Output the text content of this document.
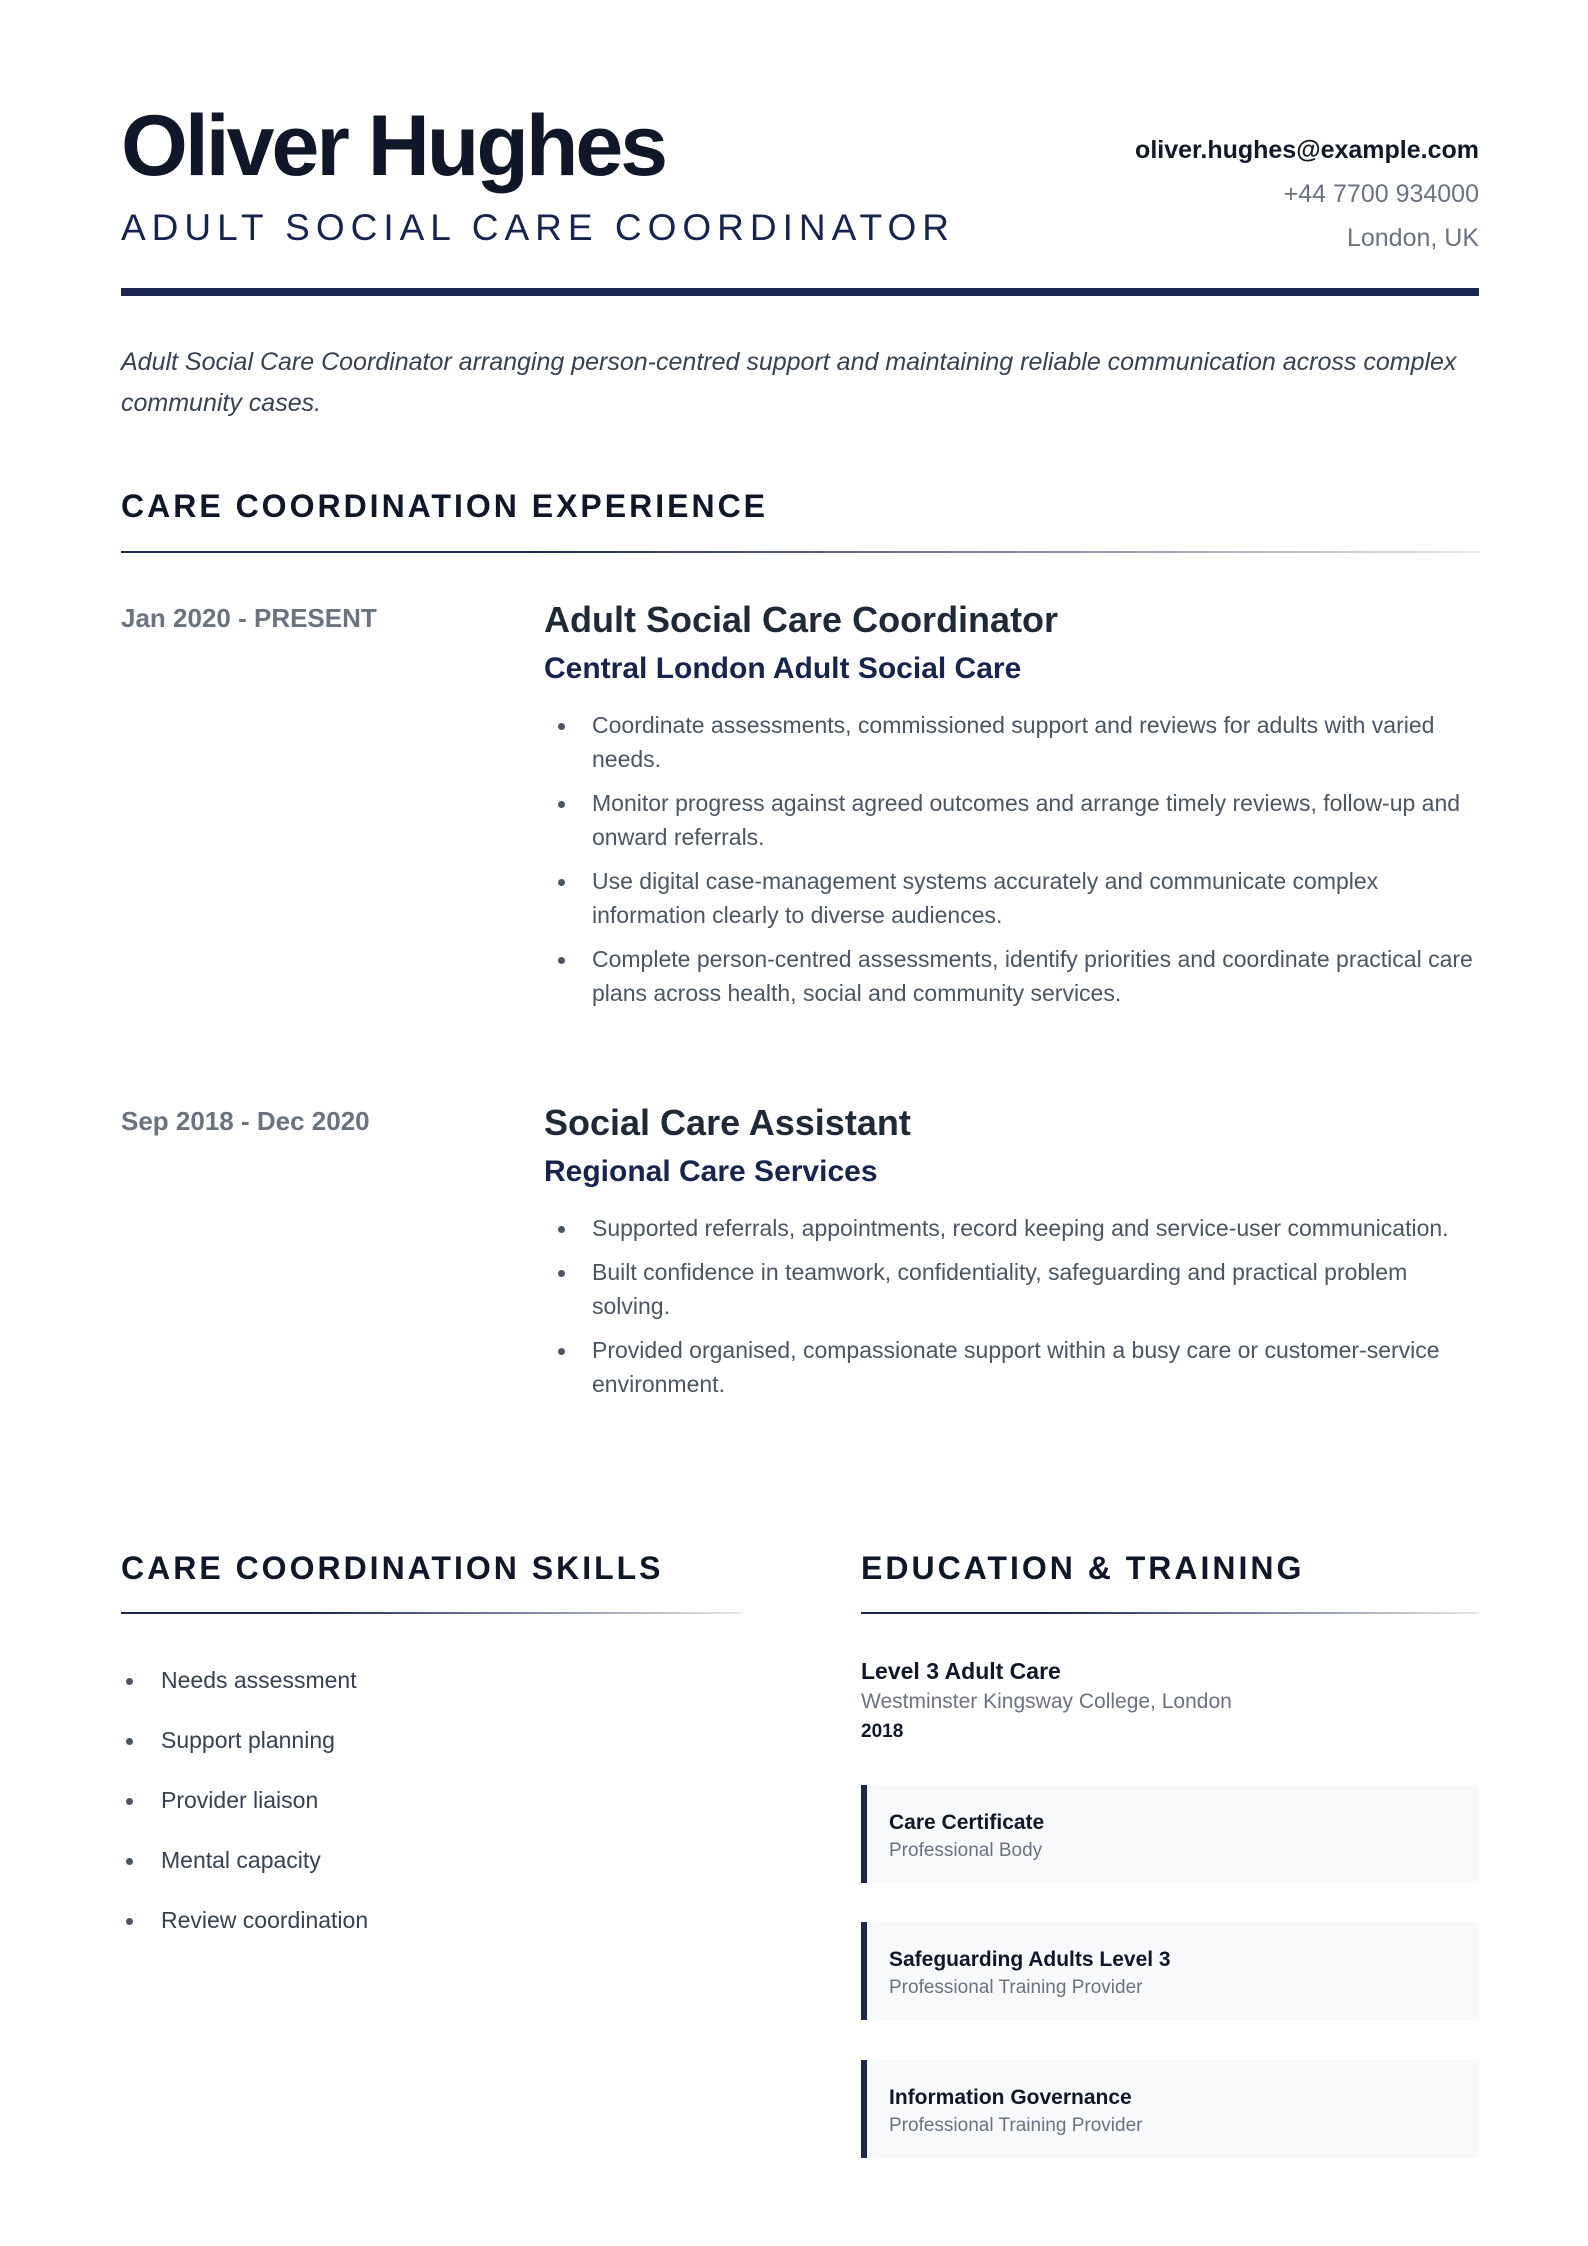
Oliver Hughes
ADULT SOCIAL CARE COORDINATOR
oliver.hughes@example.com
+44 7700 934000
London, UK

Adult Social Care Coordinator arranging person-centred support and maintaining reliable communication across complex community cases.

CARE COORDINATION EXPERIENCE
Jan 2020 - PRESENT	Adult Social Care Coordinator
Central London Adult Social Care
Coordinate assessments, commissioned support and reviews for adults with varied needs.
Monitor progress against agreed outcomes and arrange timely reviews, follow-up and onward referrals.
Use digital case-management systems accurately and communicate complex information clearly to diverse audiences.
Complete person-centred assessments, identify priorities and coordinate practical care plans across health, social and community services.
Sep 2018 - Dec 2020	Social Care Assistant
Regional Care Services
Supported referrals, appointments, record keeping and service-user communication.
Built confidence in teamwork, confidentiality, safeguarding and practical problem solving.
Provided organised, compassionate support within a busy care or customer-service environment.
CARE COORDINATION SKILLS
Needs assessment
Support planning
Provider liaison
Mental capacity
Review coordination
EDUCATION & TRAINING
Level 3 Adult Care
Westminster Kingsway College, London
2018
Care Certificate
Professional Body
Safeguarding Adults Level 3
Professional Training Provider
Information Governance
Professional Training Provider
